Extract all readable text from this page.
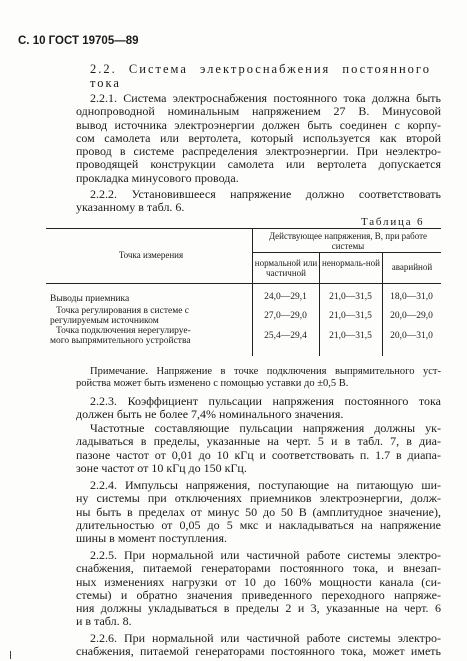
С. 10 ГОСТ 19705—89
2.2. Система электроснабжения постоянного
тока
2.2.1. Система электроснабжения постоянного тока должна быть
однопроводной номинальным напряжением 27 В. Минусовой
вывод источника электроэнергии должен быть соединен с корпу-
сом самолета или вертолета, который используется как второй
провод в системе распределения электроэнергии. При неэлектро-
проводящей конструкции самолета или вертолета допускается
прокладка минусового провода.
2.2.2. Установившееся напряжение должно соответствовать
указанному в табл. 6.
Таблица 6
Точка измерения
Действующее напряжения, В, при работе системы
нормальной или частичной
ненормаль-ной	аварийной
Выводы приемника	24,0—29,1	21,0—31,5	18,0—31,0
Точка регулирования в системе с
регулируемым источником	27,0—29,0	21,0—31,5	20,0—29,0
Точка подключения нерегулируе-
мого выпрямительного устройства	25,4—29,4	21,0—31,5	20,0—31,0
Примечание. Напряжение в точке подключения выпрямительного уст-
ройства может быть изменено с помощью уставки до ±0,5 В.
2.2.3. Коэффициент пульсации напряжения постоянного тока
должен быть не более 7,4% номинального значения.
Частотные составляющие пульсации напряжения должны ук-
ладываться в пределы, указанные на черт. 5 и в табл. 7, в диа-
пазоне частот от 0,01 до 10 кГц и соответствовать п. 1.7 в диапа-
зоне частот от 10 кГц до 150 кГц.
2.2.4. Импульсы напряжения, поступающие на питающую ши-
ну системы при отключениях приемников электроэнергии, долж-
ны быть в пределах от минус 50 до 50 В (амплитудное значение),
длительностью от 0,05 до 5 мкс и накладываться на напряжение
шины в момент поступления.
2.2.5. При нормальной или частичной работе системы электро-
снабжения, питаемой генераторами постоянного тока, и внезап-
ных изменениях нагрузки от 10 до 160% мощности канала (си-
стемы) и обратно значения приведенного переходного напряже-
ния должны укладываться в пределы 2 и 3, указанные на черт. 6
и в табл. 8.
2.2.6. При нормальной или частичной работе системы электро-
снабжения, питаемой генераторами постоянного тока, может иметь
